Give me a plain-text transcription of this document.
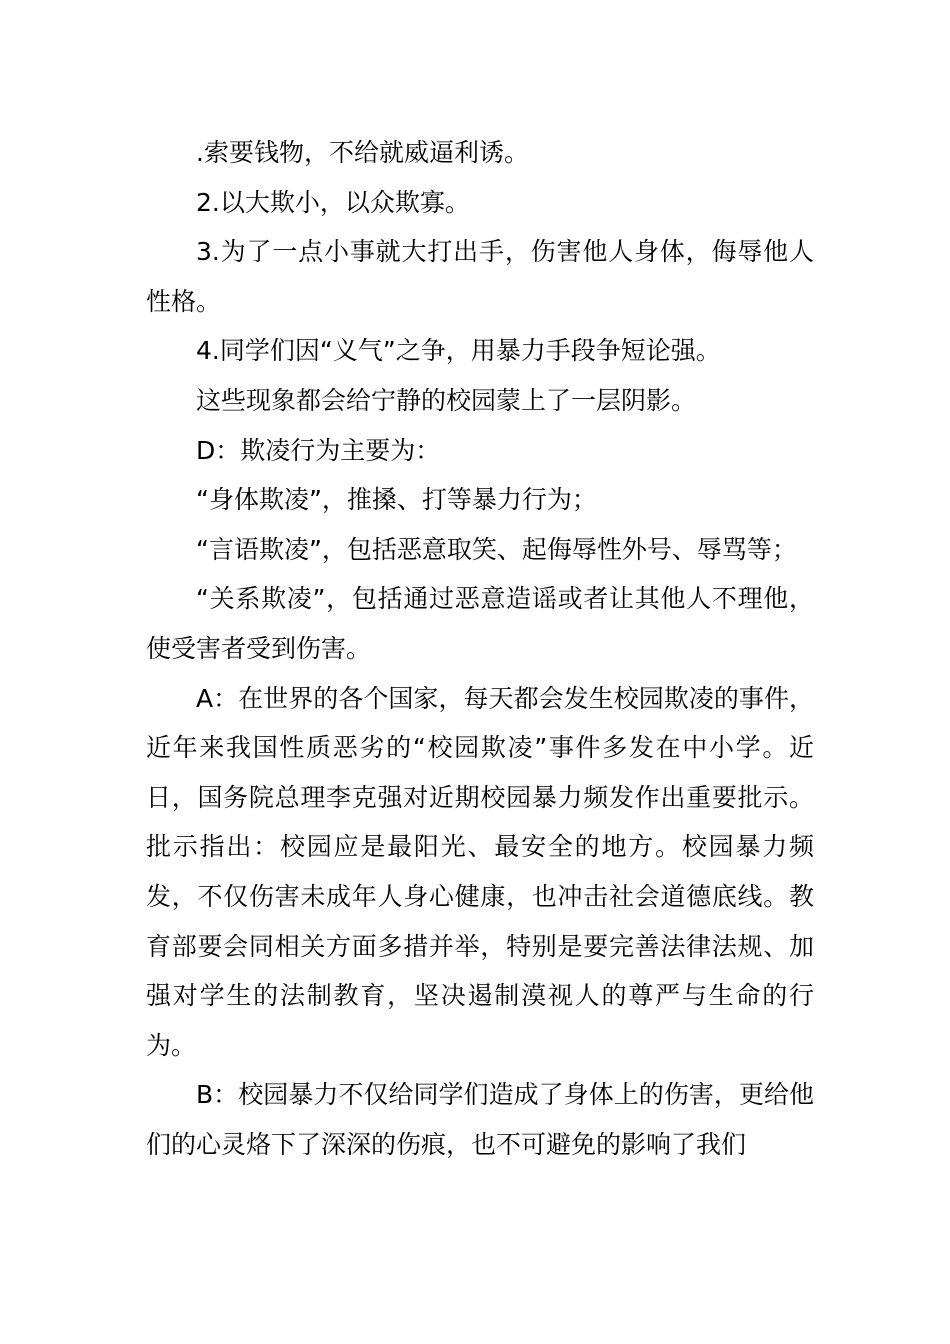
.索要钱物，不给就威逼利诱。

2.以大欺小，以众欺寡。

3.为了一点小事就大打出手，伤害他人身体，侮辱他人性格。

4.同学们因“义气”之争，用暴力手段争短论强。

这些现象都会给宁静的校园蒙上了一层阴影。

D：欺凌行为主要为：

“身体欺凌”，推搡、打等暴力行为；

“言语欺凌”，包括恶意取笑、起侮辱性外号、辱骂等；

“关系欺凌”，包括通过恶意造谣或者让其他人不理他，使受害者受到伤害。

A：在世界的各个国家，每天都会发生校园欺凌的事件，近年来我国性质恶劣的“校园欺凌”事件多发在中小学。近日，国务院总理李克强对近期校园暴力频发作出重要批示。批示指出：校园应是最阳光、最安全的地方。校园暴力频发，不仅伤害未成年人身心健康，也冲击社会道德底线。教育部要会同相关方面多措并举，特别是要完善法律法规、加强对学生的法制教育，坚决遏制漠视人的尊严与生命的行为。

B：校园暴力不仅给同学们造成了身体上的伤害，更给他们的心灵烙下了深深的伤痕，也不可避免的影响了我们
